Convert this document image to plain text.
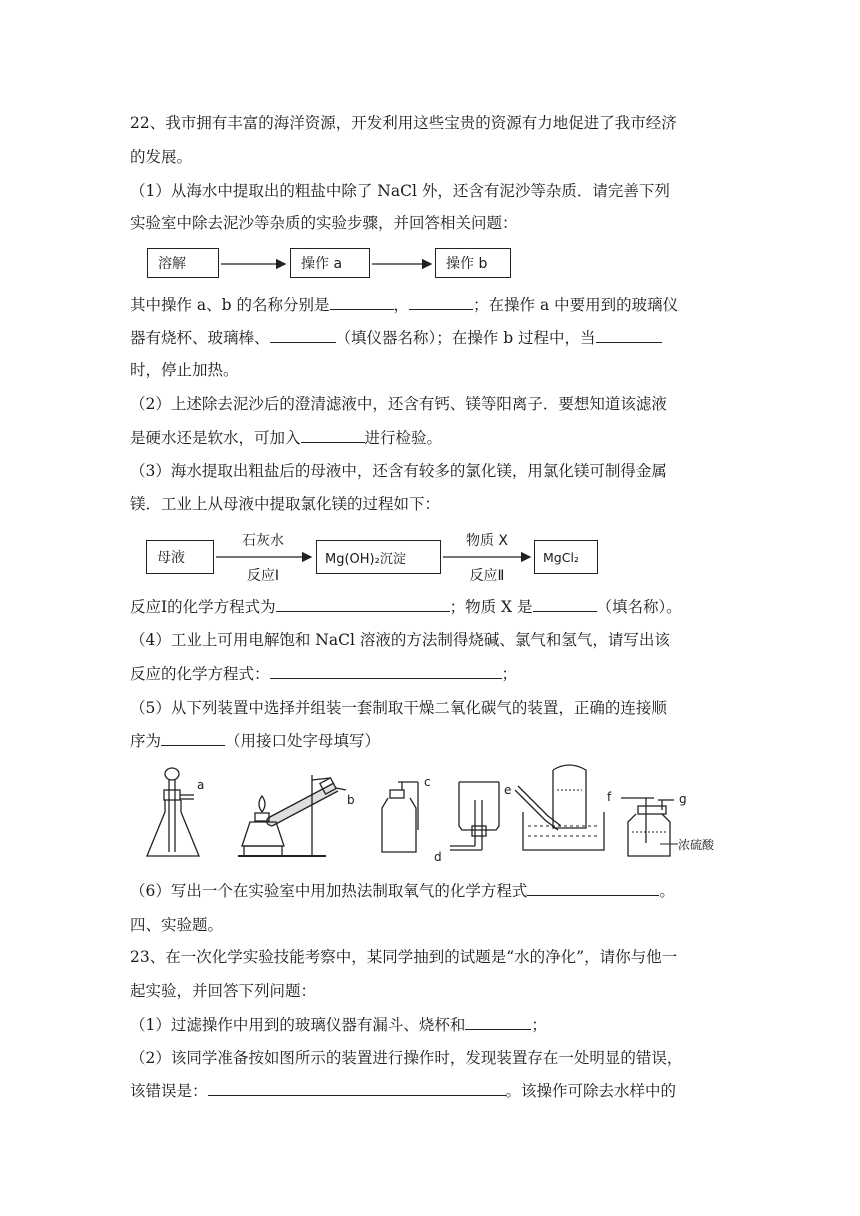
22、我市拥有丰富的海洋资源，开发利用这些宝贵的资源有力地促进了我市经济
的发展。
（1）从海水中提取出的粗盐中除了 NaCl 外，还含有泥沙等杂质．请完善下列
实验室中除去泥沙等杂质的实验步骤，并回答相关问题：
溶解	操作 a	操作 b
其中操作 a、b 的名称分别是	，	；在操作 a 中要用到的玻璃仪
器有烧杯、玻璃棒、	（填仪器名称）；在操作 b 过程中，当
时，停止加热。
（2）上述除去泥沙后的澄清滤液中，还含有钙、镁等阳离子．要想知道该滤液
是硬水还是软水，可加入	进行检验。
（3）海水提取出粗盐后的母液中，还含有较多的氯化镁，用氯化镁可制得金属
镁．工业上从母液中提取氯化镁的过程如下：
母液
石灰水
反应Ⅰ
Mg(OH)₂沉淀
物质 X
反应Ⅱ
MgCl₂
反应Ⅰ的化学方程式为	；物质 X 是	（填名称）。
（4）工业上可用电解饱和 NaCl 溶液的方法制得烧碱、氯气和氢气，请写出该
反应的化学方程式：	；
（5）从下列装置中选择并组装一套制取干燥二氧化碳气的装置，正确的连接顺
序为	（用接口处字母填写）
a
b
c
d
e	f	g
浓硫酸
（6）写出一个在实验室中用加热法制取氧气的化学方程式	。
四、实验题。
23、在一次化学实验技能考察中，某同学抽到的试题是“水的净化”，请你与他一
起实验，并回答下列问题：
（1）过滤操作中用到的玻璃仪器有漏斗、烧杯和	；
（2）该同学准备按如图所示的装置进行操作时，发现装置存在一处明显的错误，
该错误是：	。该操作可除去水样中的
